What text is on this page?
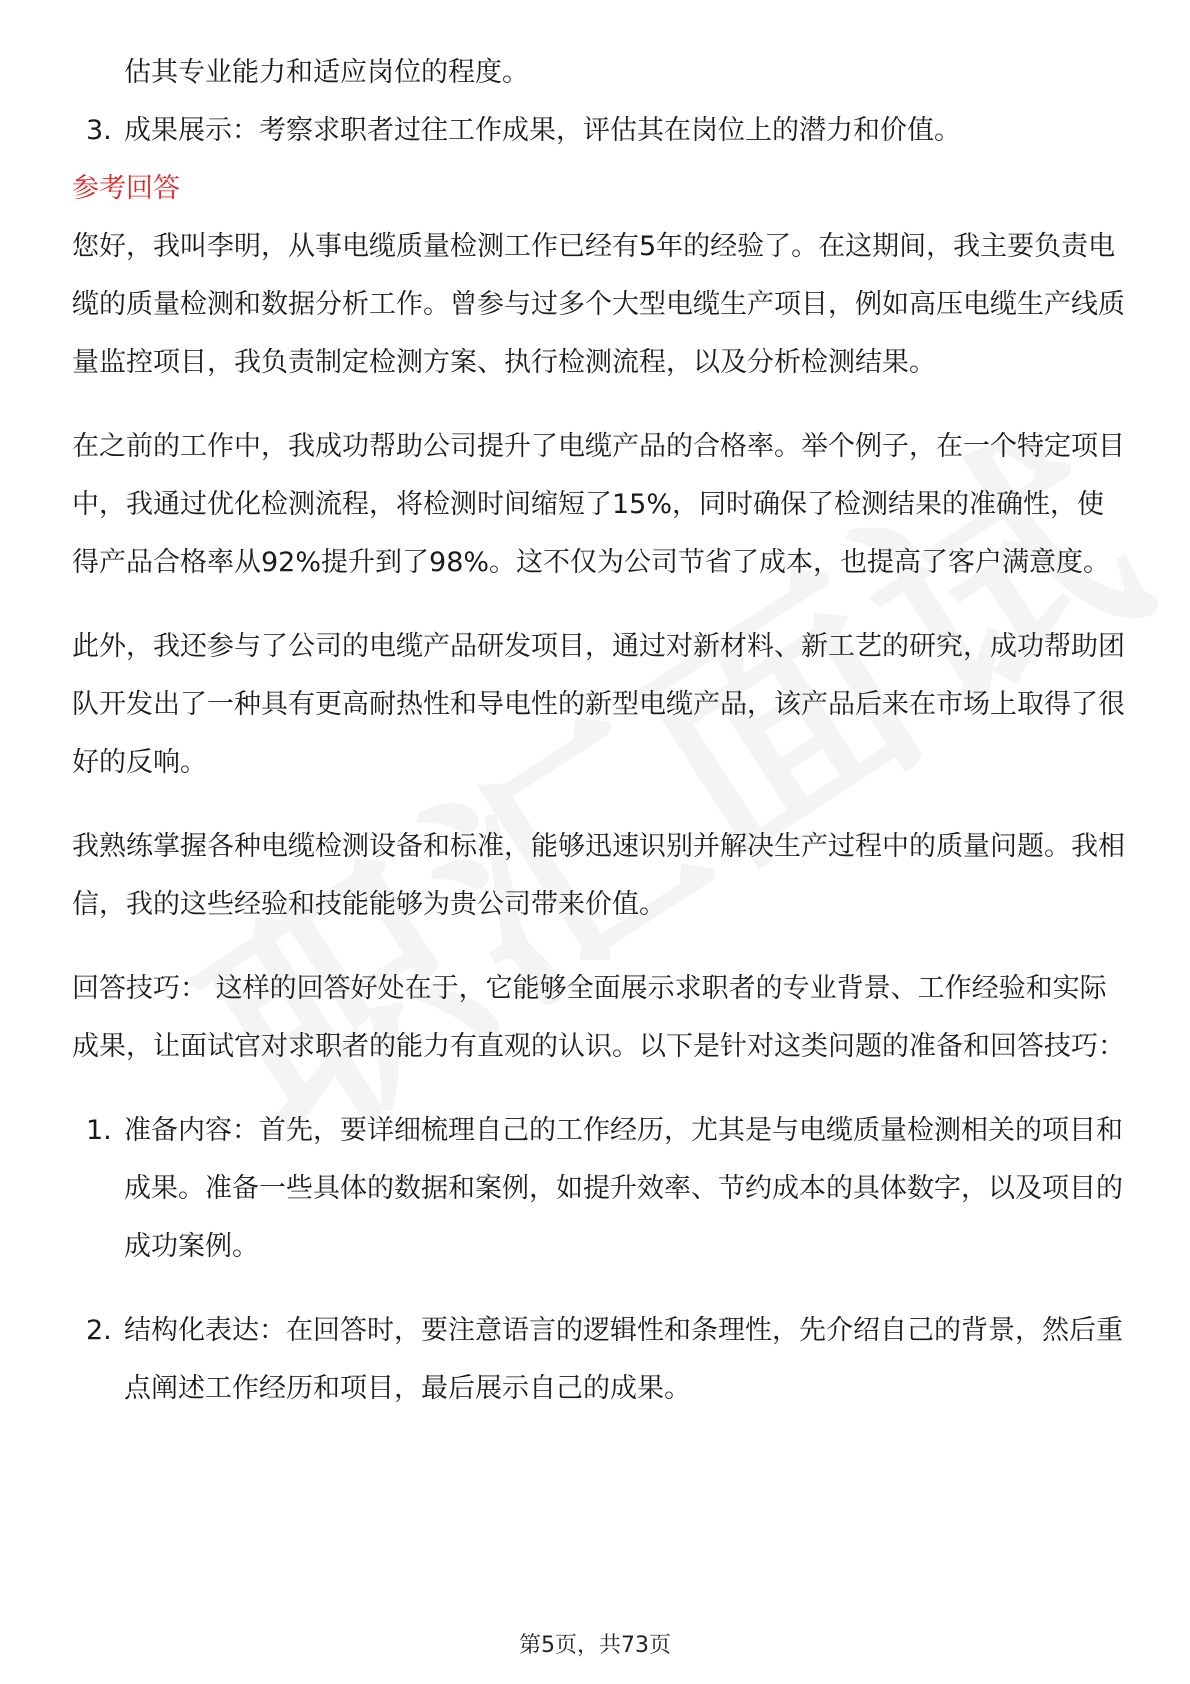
估其专业能力和适应岗位的程度。
3. 成果展示：考察求职者过往工作成果，评估其在岗位上的潜力和价值。
参考回答

您好，我叫李明，从事电缆质量检测工作已经有5年的经验了。在这期间，我主要负责电缆的质量检测和数据分析工作。曾参与过多个大型电缆生产项目，例如高压电缆生产线质量监控项目，我负责制定检测方案、执行检测流程，以及分析检测结果。

在之前的工作中，我成功帮助公司提升了电缆产品的合格率。举个例子，在一个特定项目中，我通过优化检测流程，将检测时间缩短了15%，同时确保了检测结果的准确性，使得产品合格率从92%提升到了98%。这不仅为公司节省了成本，也提高了客户满意度。

此外，我还参与了公司的电缆产品研发项目，通过对新材料、新工艺的研究，成功帮助团队开发出了一种具有更高耐热性和导电性的新型电缆产品，该产品后来在市场上取得了很好的反响。

我熟练掌握各种电缆检测设备和标准，能够迅速识别并解决生产过程中的质量问题。我相信，我的这些经验和技能能够为贵公司带来价值。

回答技巧： 这样的回答好处在于，它能够全面展示求职者的专业背景、工作经验和实际成果，让面试官对求职者的能力有直观的认识。以下是针对这类问题的准备和回答技巧：

1. 准备内容：首先，要详细梳理自己的工作经历，尤其是与电缆质量检测相关的项目和成果。准备一些具体的数据和案例，如提升效率、节约成本的具体数字，以及项目的成功案例。
2. 结构化表达：在回答时，要注意语言的逻辑性和条理性，先介绍自己的背景，然后重点阐述工作经历和项目，最后展示自己的成果。
第5页，共73页
